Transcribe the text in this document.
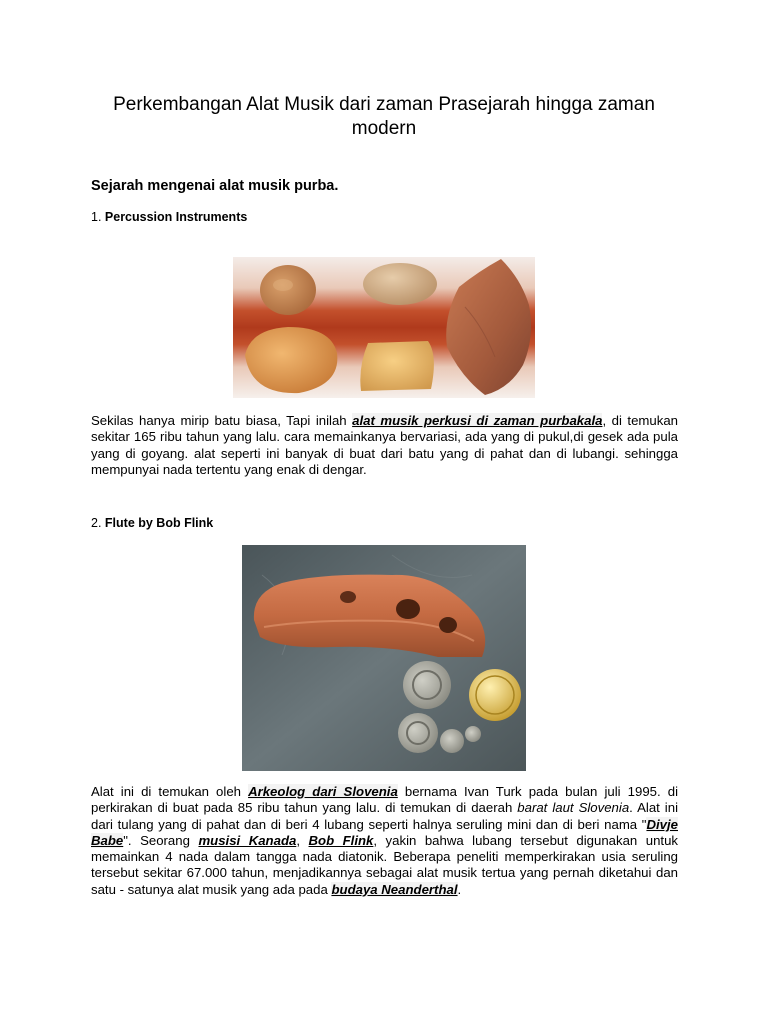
Perkembangan Alat Musik dari zaman Prasejarah hingga zaman modern

Sejarah mengenai alat musik purba.

1. Percussion Instruments

Sekilas hanya mirip batu biasa, Tapi inilah alat musik perkusi di zaman purbakala, di temukan sekitar 165 ribu tahun yang lalu. cara memainkanya bervariasi, ada yang di pukul,di gesek ada pula yang di goyang. alat seperti ini banyak di buat dari batu yang di pahat dan di lubangi. sehingga mempunyai nada tertentu yang enak di dengar.

2. Flute by Bob Flink

Alat ini di temukan oleh Arkeolog dari Slovenia bernama Ivan Turk pada bulan juli 1995. di perkirakan di buat pada 85 ribu tahun yang lalu. di temukan di daerah barat laut Slovenia. Alat ini dari tulang yang di pahat dan di beri 4 lubang seperti halnya seruling mini dan di beri nama "Divje Babe". Seorang musisi Kanada, Bob Flink, yakin bahwa lubang tersebut digunakan untuk memainkan 4 nada dalam tangga nada diatonik. Beberapa peneliti memperkirakan usia seruling tersebut sekitar 67.000 tahun, menjadikannya sebagai alat musik tertua yang pernah diketahui dan satu - satunya alat musik yang ada pada budaya Neanderthal.
